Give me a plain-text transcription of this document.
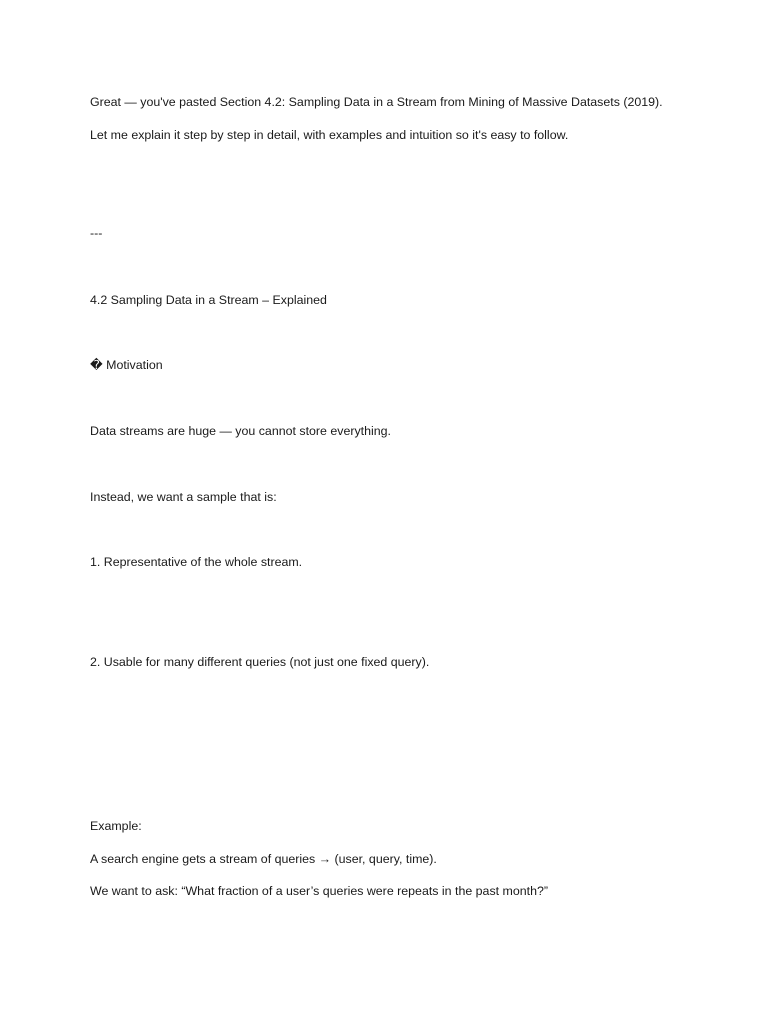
Great — you've pasted Section 4.2: Sampling Data in a Stream from Mining of Massive Datasets (2019).
Let me explain it step by step in detail, with examples and intuition so it's easy to follow.
---
4.2 Sampling Data in a Stream – Explained
� Motivation
Data streams are huge — you cannot store everything.
Instead, we want a sample that is:
1. Representative of the whole stream.
2. Usable for many different queries (not just one fixed query).
Example:
A search engine gets a stream of queries → (user, query, time).
We want to ask: “What fraction of a user’s queries were repeats in the past month?”
